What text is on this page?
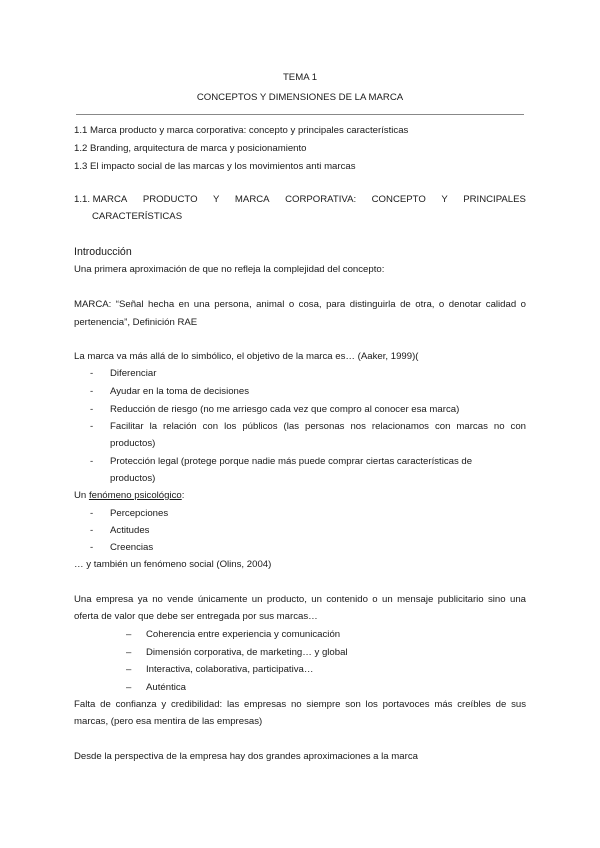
TEMA 1
CONCEPTOS Y DIMENSIONES DE LA MARCA
1.1 Marca producto y marca corporativa: concepto y principales características
1.2 Branding, arquitectura de marca y posicionamiento
1.3 El impacto social de las marcas y los movimientos anti marcas
1.1. MARCA PRODUCTO Y MARCA CORPORATIVA: CONCEPTO Y PRINCIPALES
CARACTERÍSTICAS
Introducción
Una primera aproximación de que no refleja la complejidad del concepto:
MARCA: “Señal hecha en una persona, animal o cosa, para distinguirla de otra, o denotar calidad o
pertenencia”, Definición RAE
La marca va más allá de lo simbólico, el objetivo de la marca es… (Aaker, 1999)(
- Diferenciar
- Ayudar en la toma de decisiones
- Reducción de riesgo (no me arriesgo cada vez que compro al conocer esa marca)
- Facilitar la relación con los públicos (las personas nos relacionamos con marcas no con
productos)
- Protección legal (protege porque nadie más puede comprar ciertas características de
productos)
Un fenómeno psicológico:
- Percepciones
- Actitudes
- Creencias
… y también un fenómeno social (Olins, 2004)
Una empresa ya no vende únicamente un producto, un contenido o un mensaje publicitario sino una
oferta de valor que debe ser entregada por sus marcas…
– Coherencia entre experiencia y comunicación
– Dimensión corporativa, de marketing… y global
– Interactiva, colaborativa, participativa…
– Auténtica
Falta de confianza y credibilidad: las empresas no siempre son los portavoces más creíbles de sus
marcas, (pero esa mentira de las empresas)
Desde la perspectiva de la empresa hay dos grandes aproximaciones a la marca
